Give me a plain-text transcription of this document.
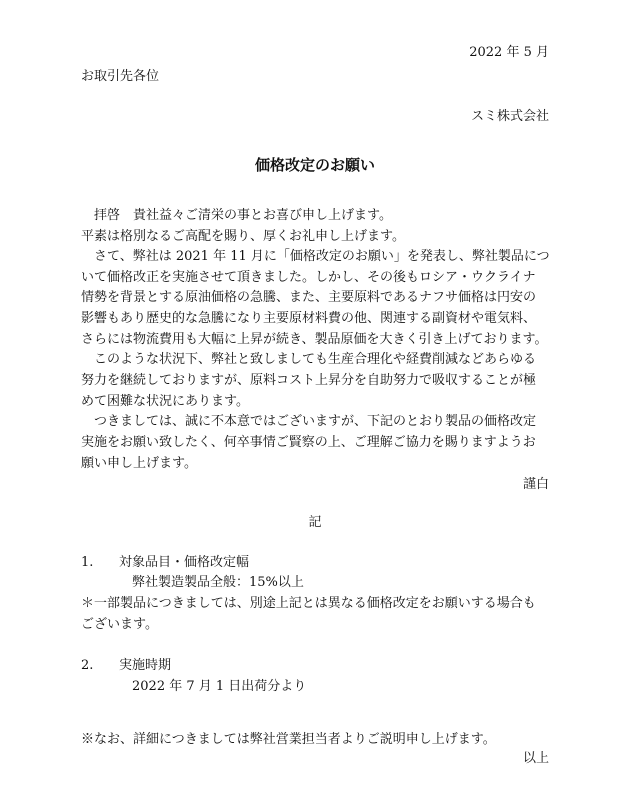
2022 年 5 月
お取引先各位
スミ株式会社
価格改定のお願い
拝啓　貴社益々ご清栄の事とお喜び申し上げます。
平素は格別なるご高配を賜り、厚くお礼申し上げます。
さて、弊社は 2021 年 11 月に「価格改定のお願い」を発表し、弊社製品につ
いて価格改正を実施させて頂きました。しかし、その後もロシア・ウクライナ
情勢を背景とする原油価格の急騰、また、主要原料であるナフサ価格は円安の
影響もあり歴史的な急騰になり主要原材料費の他、関連する副資材や電気料、
さらには物流費用も大幅に上昇が続き、製品原価を大きく引き上げております。
このような状況下、弊社と致しましても生産合理化や経費削減などあらゆる
努力を継続しておりますが、原料コスト上昇分を自助努力で吸収することが極
めて困難な状況にあります。
つきましては、誠に不本意ではございますが、下記のとおり製品の価格改定
実施をお願い致したく、何卒事情ご賢察の上、ご理解ご協力を賜りますようお
願い申し上げます。
謹白
記
1. 対象品目・価格改定幅
弊社製造製品全般：15%以上
＊一部製品につきましては、別途上記とは異なる価格改定をお願いする場合も
ございます。
2. 実施時期
2022 年 7 月 1 日出荷分より
※なお、詳細につきましては弊社営業担当者よりご説明申し上げます。
以上
